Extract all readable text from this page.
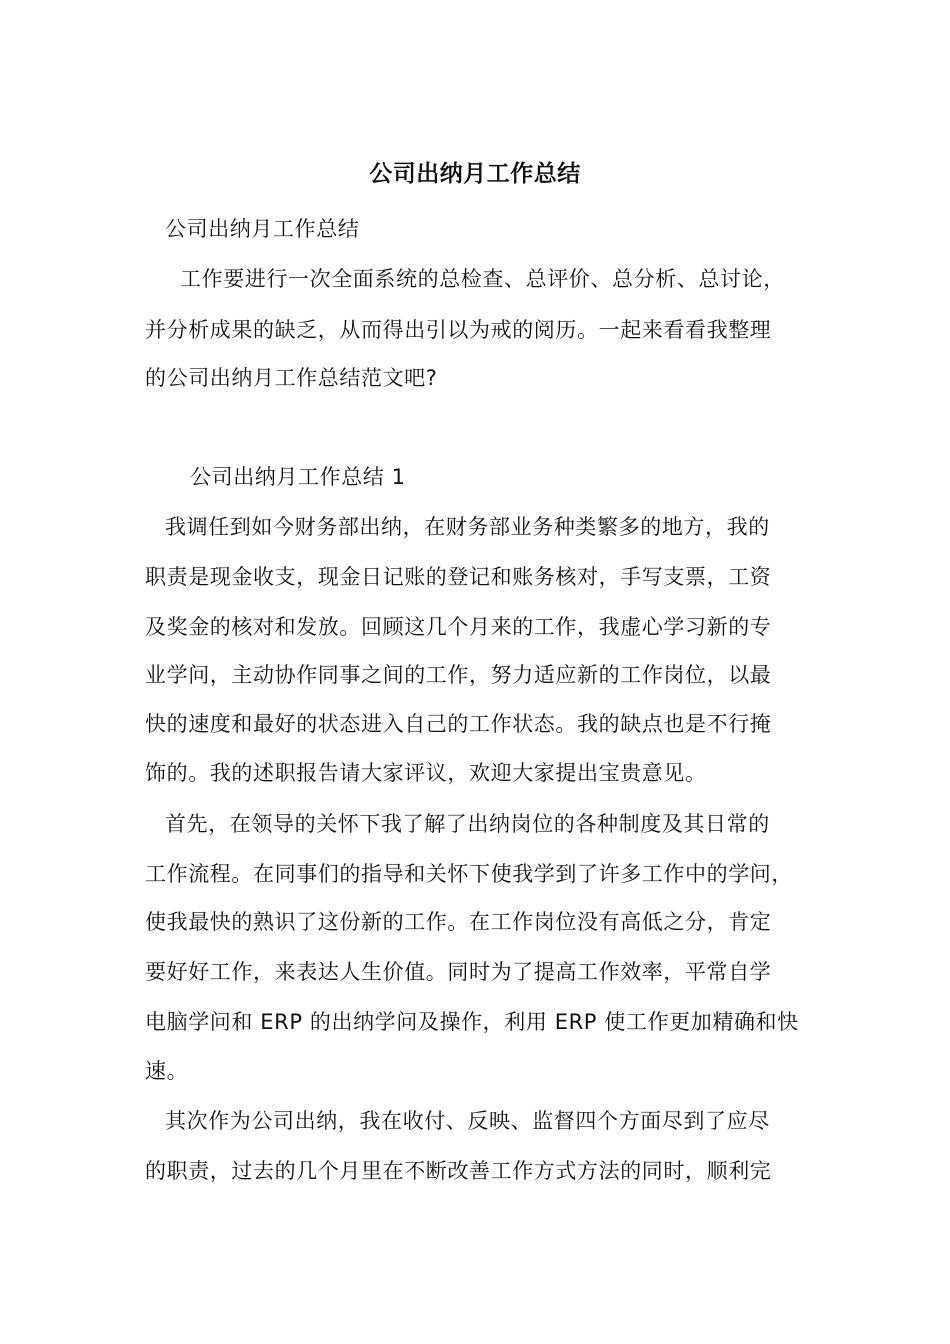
公司出纳月工作总结

公司出纳月工作总结

工作要进行一次全面系统的总检查、总评价、总分析、总讨论，

并分析成果的缺乏，从而得出引以为戒的阅历。一起来看看我整理

的公司出纳月工作总结范文吧?

公司出纳月工作总结 1

我调任到如今财务部出纳，在财务部业务种类繁多的地方，我的

职责是现金收支，现金日记账的登记和账务核对，手写支票，工资

及奖金的核对和发放。回顾这几个月来的工作，我虚心学习新的专

业学问，主动协作同事之间的工作，努力适应新的工作岗位，以最

快的速度和最好的状态进入自己的工作状态。我的缺点也是不行掩

饰的。我的述职报告请大家评议，欢迎大家提出宝贵意见。

首先，在领导的关怀下我了解了出纳岗位的各种制度及其日常的

工作流程。在同事们的指导和关怀下使我学到了许多工作中的学问，

使我最快的熟识了这份新的工作。在工作岗位没有高低之分，肯定

要好好工作，来表达人生价值。同时为了提高工作效率，平常自学

电脑学问和 ERP 的出纳学问及操作，利用 ERP 使工作更加精确和快

速。

其次作为公司出纳，我在收付、反映、监督四个方面尽到了应尽

的职责，过去的几个月里在不断改善工作方式方法的同时，顺利完
